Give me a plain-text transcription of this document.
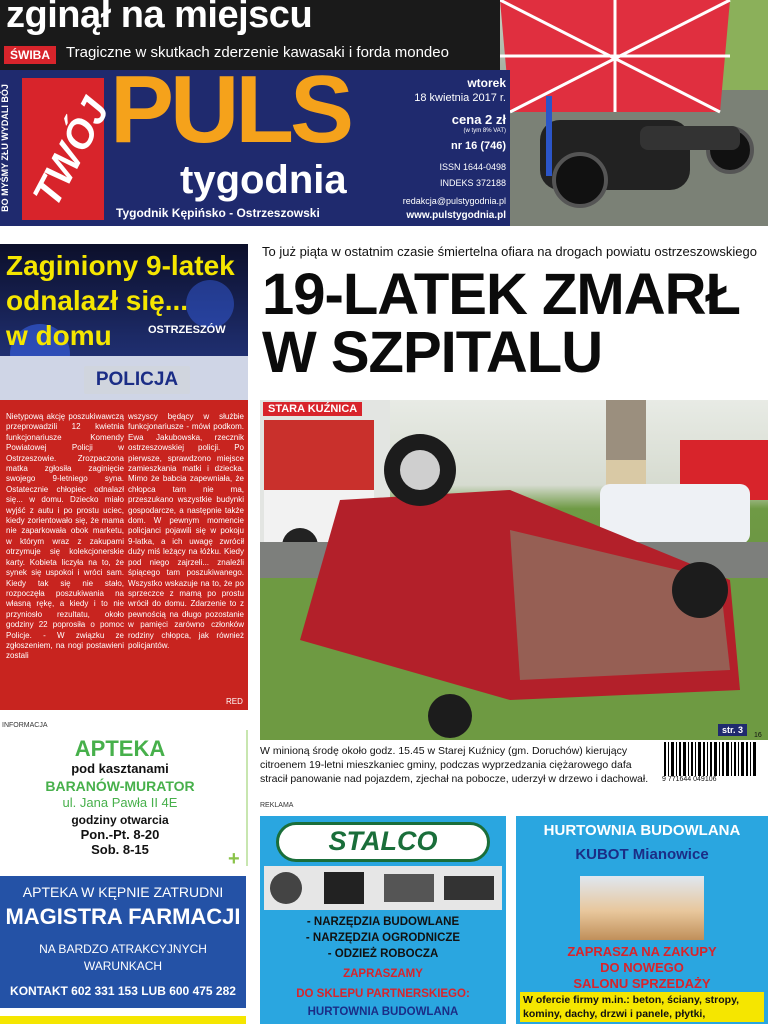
zginął na miejscu
ŚWIBA	Tragiczne w skutkach zderzenie kawasaki i forda mondeo
BO MYŚMY ZŁU WYDALI BÓJ TWÓJ
PULS
tygodnia
Tygodnik Kępińsko - Ostrzeszowski
wtorek
18 kwietnia 2017 r.
cena 2 zł
(w tym 8% VAT)
nr 16 (746)
ISSN 1644-0498
INDEKS 372188
redakcja@pulstygodnia.pl
www.pulstygodnia.pl
To już piąta w ostatnim czasie śmiertelna ofiara na drogach powiatu ostrzeszowskiego
19-LATEK ZMARŁ
W SZPITALU
Zaginiony 9-latek
odnalazł się...
w domu	OSTRZESZÓW
POLICJA
Nietypową akcję poszukiwawczą przeprowadzili 12 kwietnia funkcjonariusze Komendy Powiatowej Policji w Ostrzeszowie. Zrozpaczona matka zgłosiła zaginięcie swojego 9-letniego syna. Ostatecznie chłopiec odnalazł się... w domu. Dziecko miało wyjść z autu i po prostu uciec, kiedy zorientowało się, że mama nie zaparkowała obok marketu, w którym wraz z zakupami otrzymuje się kolekcjonerskie karty. Kobieta liczyła na to, że synek się uspokoi i wróci sam. Kiedy tak się nie stało, rozpoczęła poszukiwania na własną rękę, a kiedy i to nie przyniosło rezultatu, około godziny 22 poprosiła o pomoc Policje. - W związku ze zgłoszeniem, na nogi postawieni zostali
wszyscy będący w służbie funkcjonariusze - mówi podkom. Ewa Jakubowska, rzecznik ostrzeszowskiej policji. Po pierwsze, sprawdzono miejsce zamieszkania matki i dziecka. Mimo że babcia zapewniała, że chłopca tam nie ma, przeszukano wszystkie budynki gospodarcze, a następnie także dom. W pewnym momencie policjanci pojawili się w pokoju 9-latka, a ich uwagę zwrócił duży miś leżący na łóżku. Kiedy pod niego zajrzeli... znaleźli śpiącego tam poszukiwanego. Wszystko wskazuje na to, że po sprzeczce z mamą po prostu wrócił do domu. Zdarzenie to z pewnością na długo pozostanie w pamięci zarówno członków rodziny chłopca, jak również policjantów.
RED
STARA KUŹNICA
str. 3
W minioną środę około godz. 15.45 w Starej Kuźnicy (gm. Doruchów) kierujący citroenem 19-letni mieszkaniec gminy, podczas wyprzedzania ciężarowego dafa stracił panowanie nad pojazdem, zjechał na pobocze, uderzył w drzewo i dachował.	9 771644 049106
16
INFORMACJA
APTEKA
pod kasztanami
BARANÓW-MURATOR
ul. Jana Pawła II 4E
godziny otwarcia
Pon.-Pt. 8-20
Sob. 8-15	+
APTEKA W KĘPNIE ZATRUDNI
MAGISTRA FARMACJI
NA BARDZO ATRAKCYJNYCH
WARUNKACH
KONTAKT 602 331 153 LUB 600 475 282
REKLAMA
STALCO
- NARZĘDZIA BUDOWLANE
- NARZĘDZIA OGRODNICZE
- ODZIEŻ ROBOCZA
ZAPRASZAMY
DO SKLEPU PARTNERSKIEGO:
HURTOWNIA BUDOWLANA
HURTOWNIA BUDOWLANA
KUBOT Mianowice
ZAPRASZA NA ZAKUPY
DO NOWEGO
SALONU SPRZEDAŻY
W ofercie firmy m.in.: beton, ściany, stropy, kominy, dachy, drzwi i panele, płytki,
